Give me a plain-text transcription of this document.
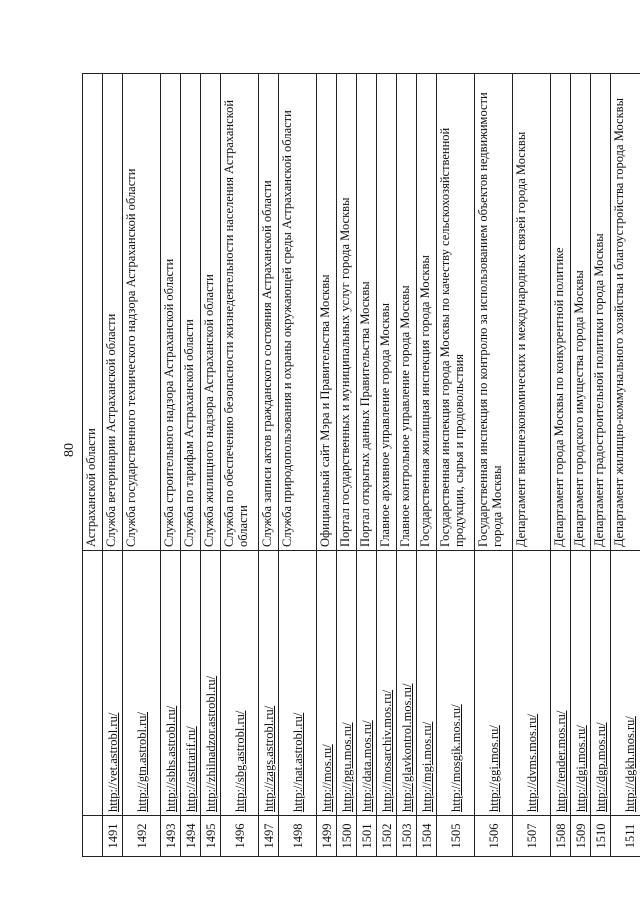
80
		Астраханской области
1491	http://vet.astrobl.ru/	Служба ветеринарии Астраханской области
1492	http://gtn.astrobl.ru/	Служба государственного технического надзора Астраханской области
1493	http://sbhs.astrobl.ru/	Служба строительного надзора Астраханской области
1494	http://astrtarif.ru/	Служба по тарифам Астраханской области
1495	http://zhilnadzor.astrobl.ru/	Служба жилищного надзора Астраханской области
1496	http://sbg.astrobl.ru/	Служба по обеспечению безопасности жизнедеятельности населения Астраханской области
1497	http://zags.astrobl.ru/	Служба записи актов гражданского состояния Астраханской области
1498	http://nat.astrobl.ru/	Служба природопользования и охраны окружающей среды Астраханской области
1499	http://mos.ru/	Официальный сайт Мэра и Правительства Москвы
1500	http://pgu.mos.ru/	Портал государственных и муниципальных услуг города Москвы
1501	http://data.mos.ru/	Портал открытых данных Правительства Москвы
1502	http://mosarchiv.mos.ru/	Главное архивное управление города Москвы
1503	http://glavkontrol.mos.ru/	Главное контрольное управление города Москвы
1504	http://mgi.mos.ru/	Государственная жилищная инспекция города Москвы
1505	http://mosgik.mos.ru/	Государственная инспекция города Москвы по качеству сельскохозяйственной продукции, сырья и продовольствия
1506	http://ggi.mos.ru/	Государственная инспекция по контролю за использованием объектов недвижимости города Москвы
1507	http://dvms.mos.ru/	Департамент внешнеэкономических и международных связей города Москвы
1508	http://tender.mos.ru/	Департамент города Москвы по конкурентной политике
1509	http://dgi.mos.ru/	Департамент городского имущества города Москвы
1510	http://dgp.mos.ru/	Департамент градостроительной политики города Москвы
1511	http://dgkh.mos.ru/	Департамент жилищно-коммунального хозяйства и благоустройства города Москвы
